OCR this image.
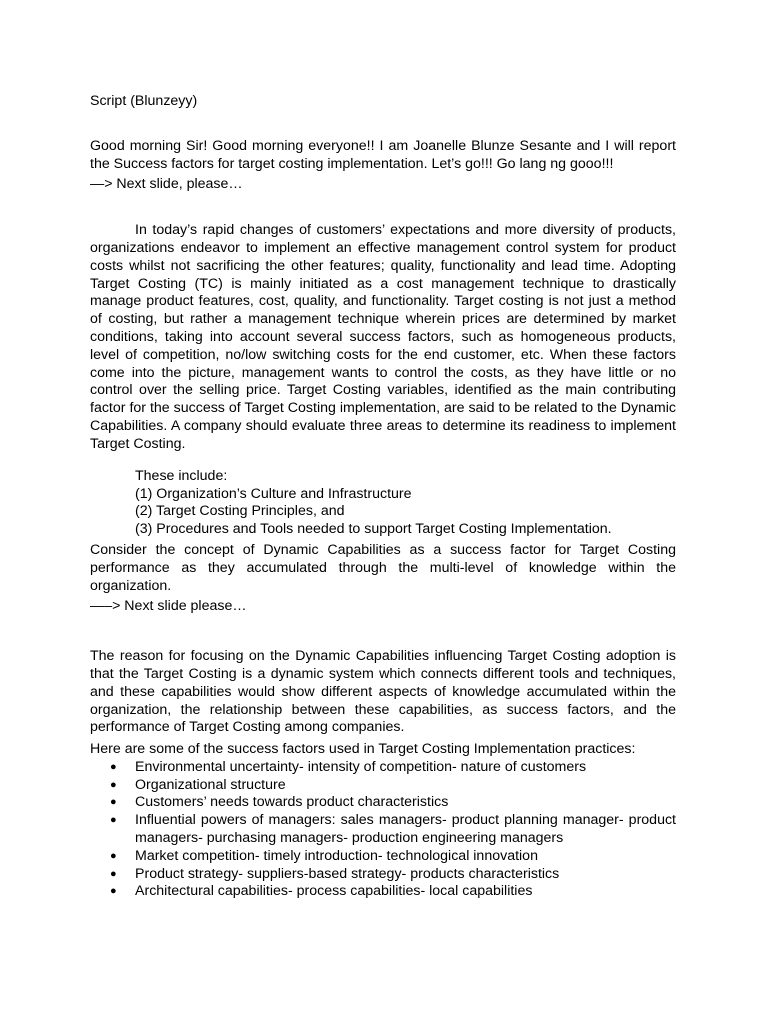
Script (Blunzeyy)

Good morning Sir! Good morning everyone!! I am Joanelle Blunze Sesante and I will report the Success factors for target costing implementation. Let’s go!!! Go lang ng gooo!!!

—> Next slide, please…

In today’s rapid changes of customers’ expectations and more diversity of products, organizations endeavor to implement an effective management control system for product costs whilst not sacrificing the other features; quality, functionality and lead time. Adopting Target Costing (TC) is mainly initiated as a cost management technique to drastically manage product features, cost, quality, and functionality. Target costing is not just a method of costing, but rather a management technique wherein prices are determined by market conditions, taking into account several success factors, such as homogeneous products, level of competition, no/low switching costs for the end customer, etc. When these factors come into the picture, management wants to control the costs, as they have little or no control over the selling price. Target Costing variables, identified as the main contributing factor for the success of Target Costing implementation, are said to be related to the Dynamic Capabilities. A company should evaluate three areas to determine its readiness to implement Target Costing.

These include:

(1) Organization’s Culture and Infrastructure

(2) Target Costing Principles, and

(3) Procedures and Tools needed to support Target Costing Implementation.

Consider the concept of Dynamic Capabilities as a success factor for Target Costing performance as they accumulated through the multi-level of knowledge within the organization.

—–> Next slide please…

The reason for focusing on the Dynamic Capabilities influencing Target Costing adoption is that the Target Costing is a dynamic system which connects different tools and techniques, and these capabilities would show different aspects of knowledge accumulated within the organization, the relationship between these capabilities, as success factors, and the performance of Target Costing among companies.

Here are some of the success factors used in Target Costing Implementation practices:

● Environmental uncertainty- intensity of competition- nature of customers
● Organizational structure
● Customers’ needs towards product characteristics
● Influential powers of managers: sales managers- product planning manager- product managers- purchasing managers- production engineering managers
● Market competition- timely introduction- technological innovation
● Product strategy- suppliers-based strategy- products characteristics
● Architectural capabilities- process capabilities- local capabilities
